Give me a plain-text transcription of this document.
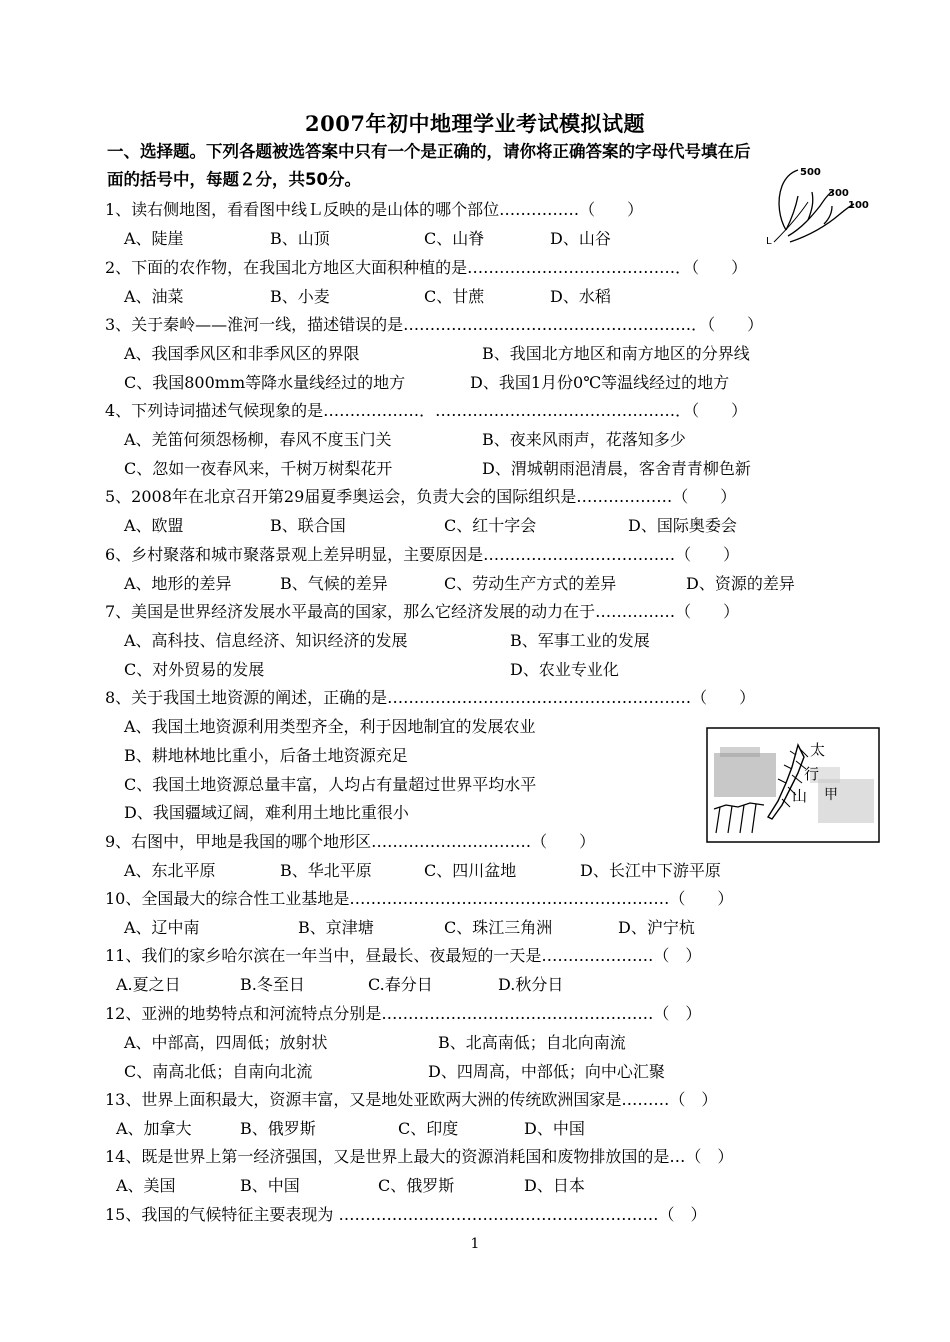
2007年初中地理学业考试模拟试题
一、选择题。下列各题被选答案中只有一个是正确的，请你将正确答案的字母代号填在后
面的括号中，每题２分，共50分。
1、读右侧地图，看看图中线Ｌ反映的是山体的哪个部位……………（　　）
A、陡崖	B、山顶	C、山脊	D、山谷
2、下面的农作物，在我国北方地区大面积种植的是…………………………………．（　　）
A、油菜	B、小麦	C、甘蔗	D、水稻
3、关于秦岭——淮河一线，描述错误的是………………………………………………．（　　）
A、我国季风区和非季风区的界限	B、我国北方地区和南方地区的分界线
C、我国800mm等降水量线经过的地方	D、我国1月份0℃等温线经过的地方
4、下列诗词描述气候现象的是………………．………………………………………．（　　）
A、羌笛何须怨杨柳，春风不度玉门关	B、夜来风雨声，花落知多少
C、忽如一夜春风来，千树万树梨花开	D、渭城朝雨浥清晨，客舍青青柳色新
5、2008年在北京召开第29届夏季奥运会，负责大会的国际组织是………………（　　）
A、欧盟	B、联合国	C、红十字会	D、国际奥委会
6、乡村聚落和城市聚落景观上差异明显，主要原因是………………………………（　　）
A、地形的差异	B、气候的差异	C、劳动生产方式的差异	D、资源的差异
7、美国是世界经济发展水平最高的国家，那么它经济发展的动力在于……………（　　）
A、高科技、信息经济、知识经济的发展	B、军事工业的发展
C、对外贸易的发展	D、农业专业化
8、关于我国土地资源的阐述，正确的是…………………………………………………（　　）
A、我国土地资源利用类型齐全，利于因地制宜的发展农业
B、耕地林地比重小，后备土地资源充足
C、我国土地资源总量丰富，人均占有量超过世界平均水平
D、我国疆域辽阔，难利用土地比重很小
9、右图中，甲地是我国的哪个地形区…………………………（　　）
A、东北平原	B、华北平原	C、四川盆地	D、长江中下游平原
10、全国最大的综合性工业基地是……………………………………………………（　　）
A、辽中南	B、京津塘	C、珠江三角洲	D、沪宁杭
11、我们的家乡哈尔滨在一年当中，昼最长、夜最短的一天是…………………（　）
A.夏之日	B.冬至日	C.春分日	D.秋分日
12、亚洲的地势特点和河流特点分别是……………………………………………（　）
A、中部高，四周低；放射状	B、北高南低；自北向南流
C、南高北低；自南向北流	D、四周高，中部低；向中心汇聚
13、世界上面积最大，资源丰富，又是地处亚欧两大洲的传统欧洲国家是………（　）
A、加拿大	B、俄罗斯	C、印度	D、中国
14、既是世界上第一经济强国，又是世界上最大的资源消耗国和废物排放国的是…（　）
A、美国	B、中国	C、俄罗斯	D、日本
15、我国的气候特征主要表现为 ……………………………………………………（　）
500
300
100
L
太
行
山 甲
1
